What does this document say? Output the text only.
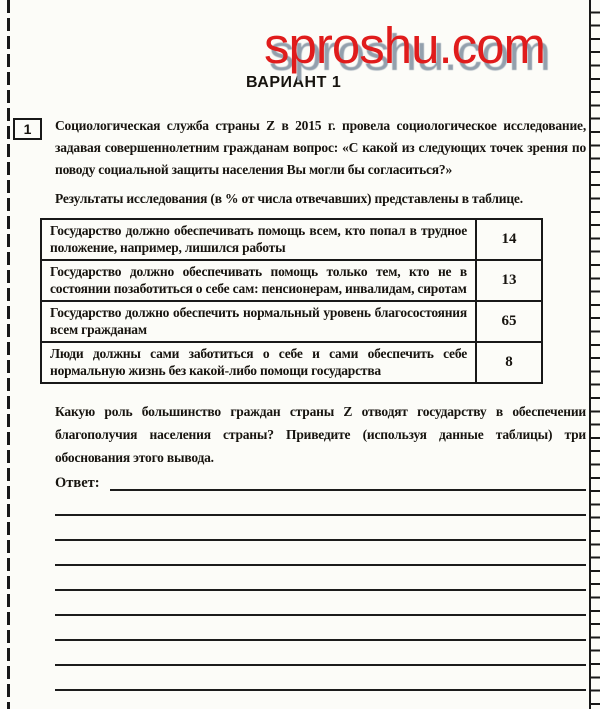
sproshu.com
ВАРИАНТ 1
1	Социологическая служба страны Z в 2015 г. провела социологическое исследование, задавая совершеннолетним гражданам вопрос: «С какой из следующих точек зрения по поводу социальной защиты населения Вы могли бы согласиться?»
Результаты исследования (в % от числа отвечавших) представлены в таблице.
Государство должно обеспечивать помощь всем, кто попал в трудное положение, например, лишился работы	14
Государство должно обеспечивать помощь только тем, кто не в состоянии позаботиться о себе сам: пенсионерам, инвалидам, сиротам	13
Государство должно обеспечить нормальный уровень благосостояния всем гражданам	65
Люди должны сами заботиться о себе и сами обеспечить себе нормальную жизнь без какой-либо помощи государства	8
Какую роль большинство граждан страны Z отводят государству в обеспечении благополучия населения страны? Приведите (используя данные таблицы) три обоснования этого вывода.
Ответ:
